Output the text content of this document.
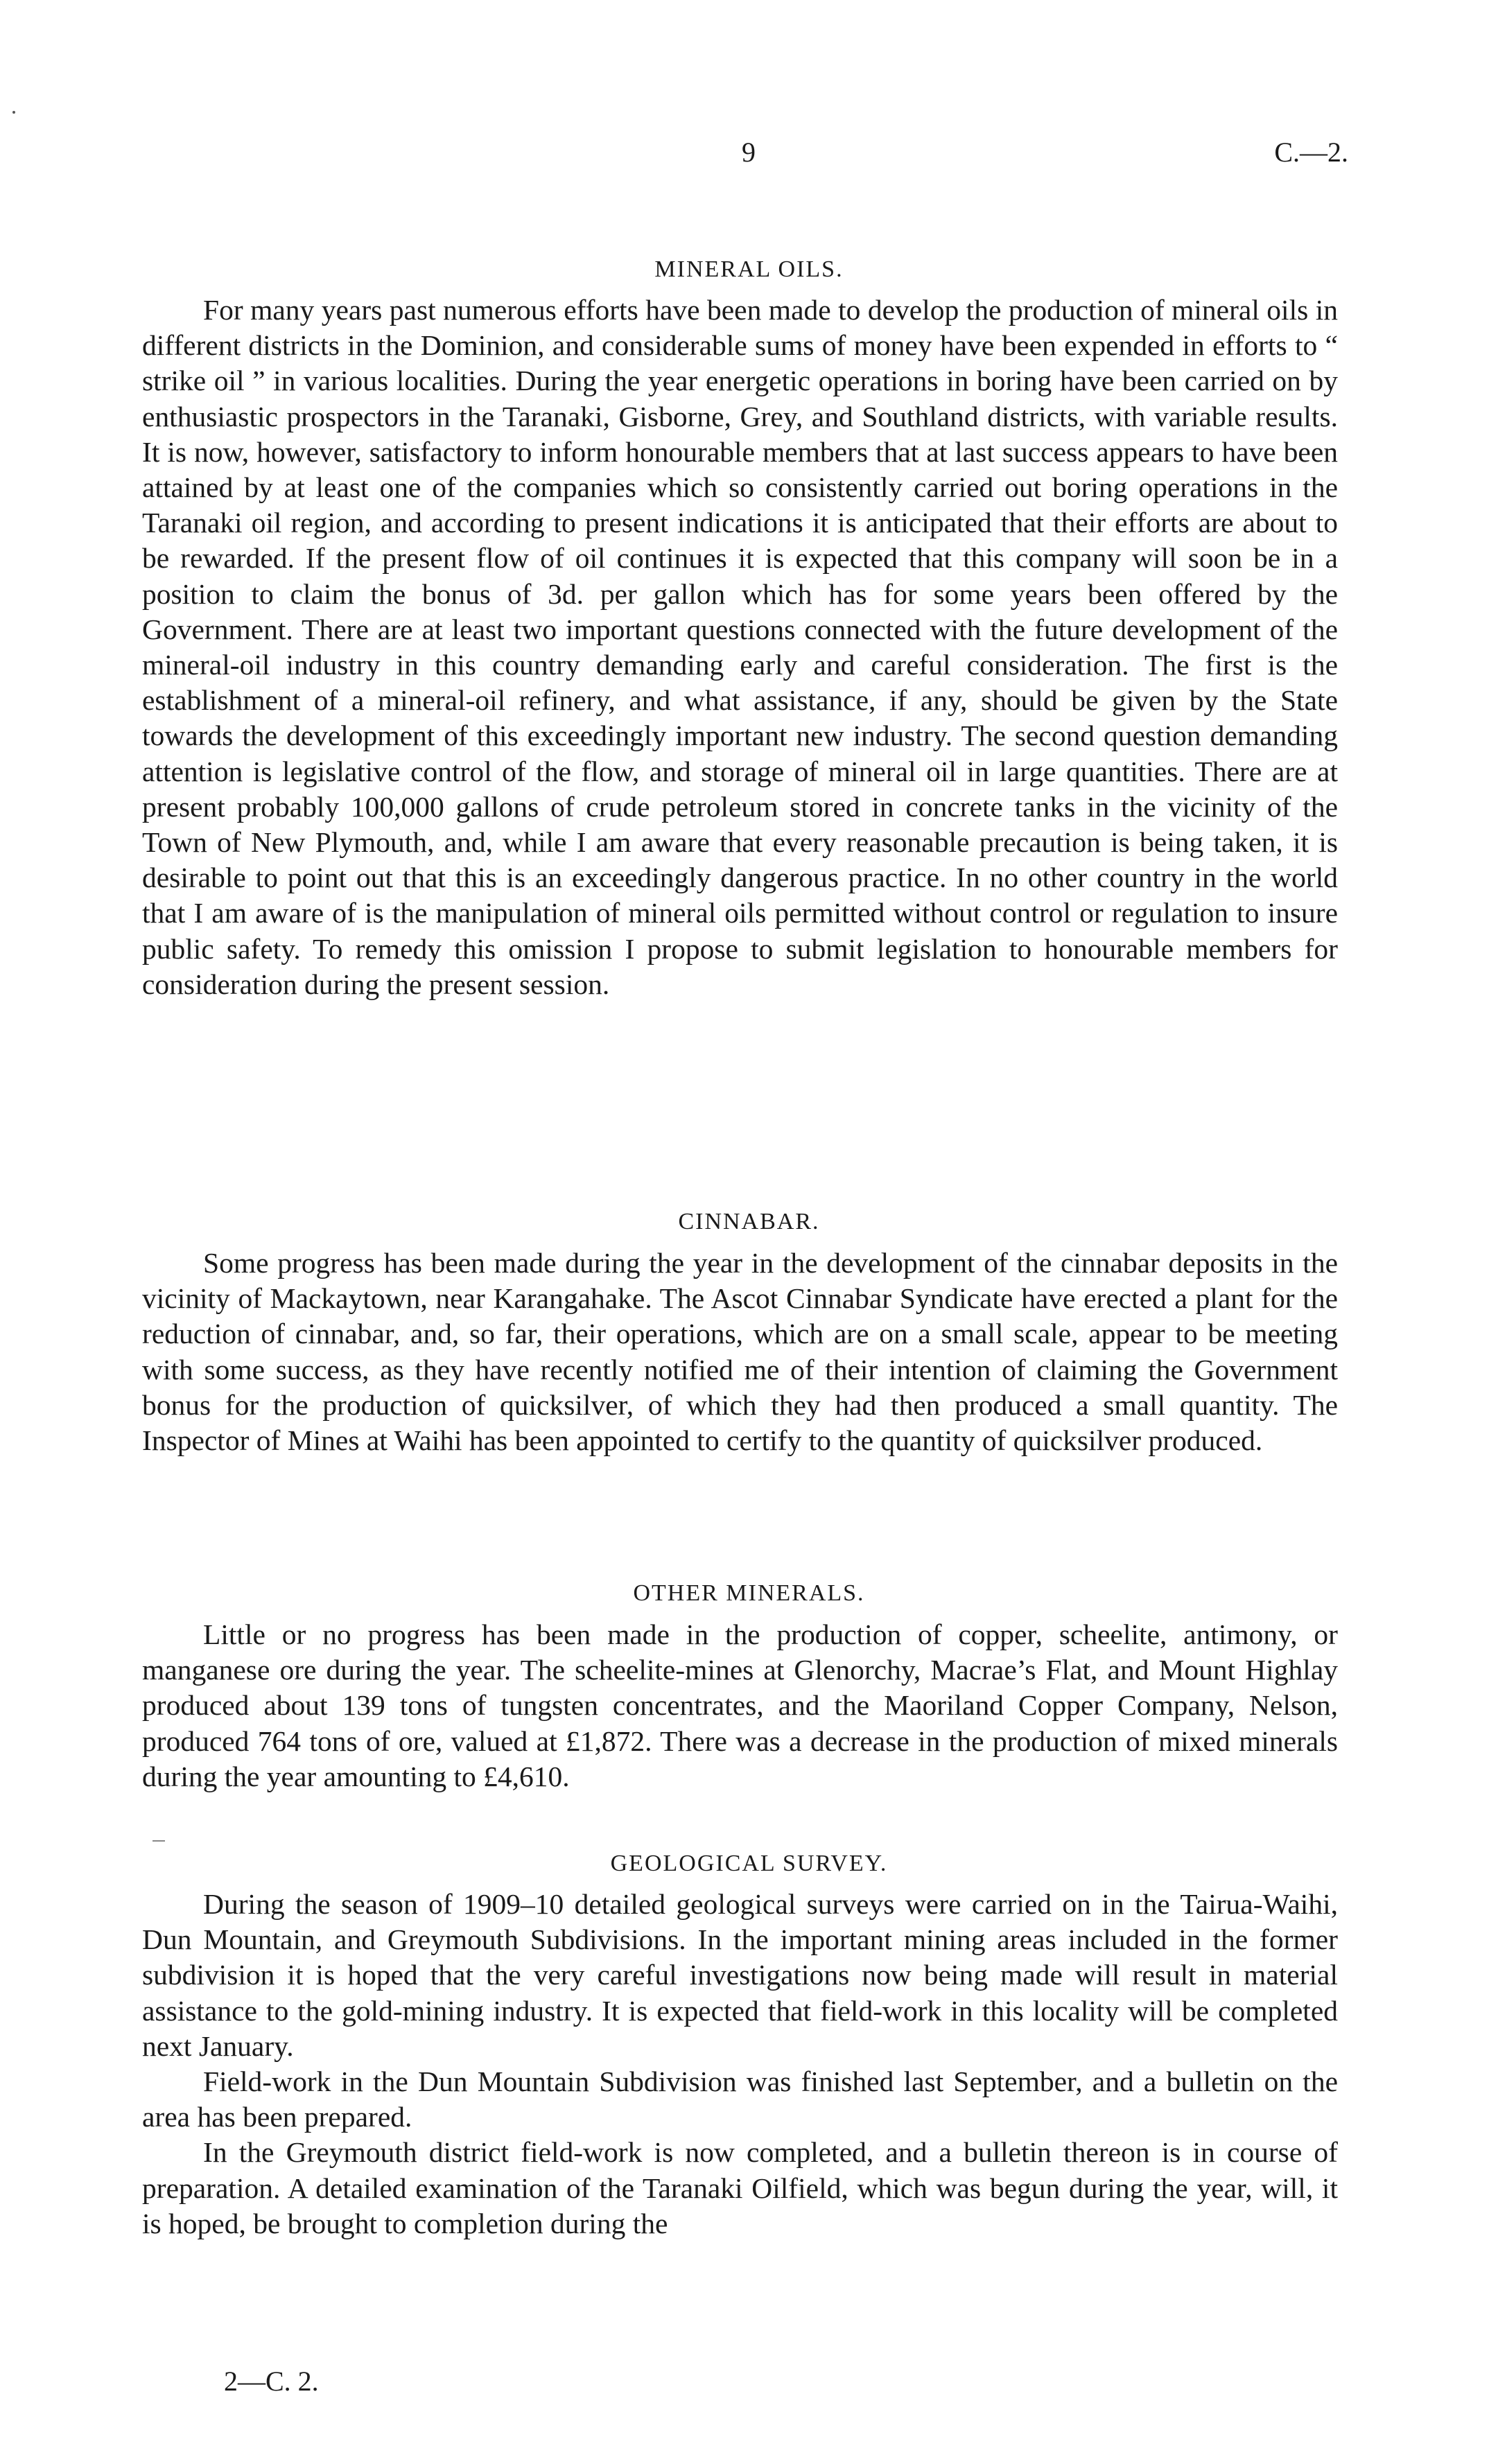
9	C.—2.
MINERAL OILS.

For many years past numerous efforts have been made to develop the production of mineral oils in different districts in the Dominion, and considerable sums of money have been expended in efforts to “ strike oil ” in various localities. During the year energetic operations in boring have been carried on by enthusiastic prospectors in the Taranaki, Gisborne, Grey, and Southland districts, with variable results. It is now, however, satisfactory to inform honourable members that at last success appears to have been attained by at least one of the companies which so consistently carried out boring operations in the Taranaki oil region, and according to present indications it is anticipated that their efforts are about to be rewarded. If the present flow of oil continues it is expected that this company will soon be in a position to claim the bonus of 3d. per gallon which has for some years been offered by the Government. There are at least two important questions connected with the future development of the mineral-oil industry in this country demanding early and careful consideration. The first is the establishment of a mineral-oil refinery, and what assistance, if any, should be given by the State towards the development of this exceedingly important new industry. The second question demanding attention is legislative control of the flow, and storage of mineral oil in large quantities. There are at present probably 100,000 gallons of crude petroleum stored in concrete tanks in the vicinity of the Town of New Plymouth, and, while I am aware that every reasonable precaution is being taken, it is desirable to point out that this is an exceedingly dangerous practice. In no other country in the world that I am aware of is the manipulation of mineral oils permitted without control or regulation to insure public safety. To remedy this omission I propose to submit legislation to honourable members for consideration during the present session.

CINNABAR.

Some progress has been made during the year in the development of the cinnabar deposits in the vicinity of Mackaytown, near Karangahake. The Ascot Cinnabar Syndicate have erected a plant for the reduction of cinnabar, and, so far, their operations, which are on a small scale, appear to be meeting with some success, as they have recently notified me of their intention of claiming the Government bonus for the production of quicksilver, of which they had then produced a small quantity. The Inspector of Mines at Waihi has been appointed to certify to the quantity of quicksilver produced.

OTHER MINERALS.

Little or no progress has been made in the production of copper, scheelite, antimony, or manganese ore during the year. The scheelite-mines at Glenorchy, Macrae’s Flat, and Mount Highlay produced about 139 tons of tungsten concentrates, and the Maoriland Copper Company, Nelson, produced 764 tons of ore, valued at £1,872. There was a decrease in the production of mixed minerals during the year amounting to £4,610.

GEOLOGICAL SURVEY.

During the season of 1909–10 detailed geological surveys were carried on in the Tairua-Waihi, Dun Mountain, and Greymouth Subdivisions. In the important mining areas included in the former subdivision it is hoped that the very careful investigations now being made will result in material assistance to the gold-mining industry. It is expected that field-work in this locality will be completed next January.

Field-work in the Dun Mountain Subdivision was finished last September, and a bulletin on the area has been prepared.

In the Greymouth district field-work is now completed, and a bulletin thereon is in course of preparation. A detailed examination of the Taranaki Oilfield, which was begun during the year, will, it is hoped, be brought to completion during the

2—C. 2.
